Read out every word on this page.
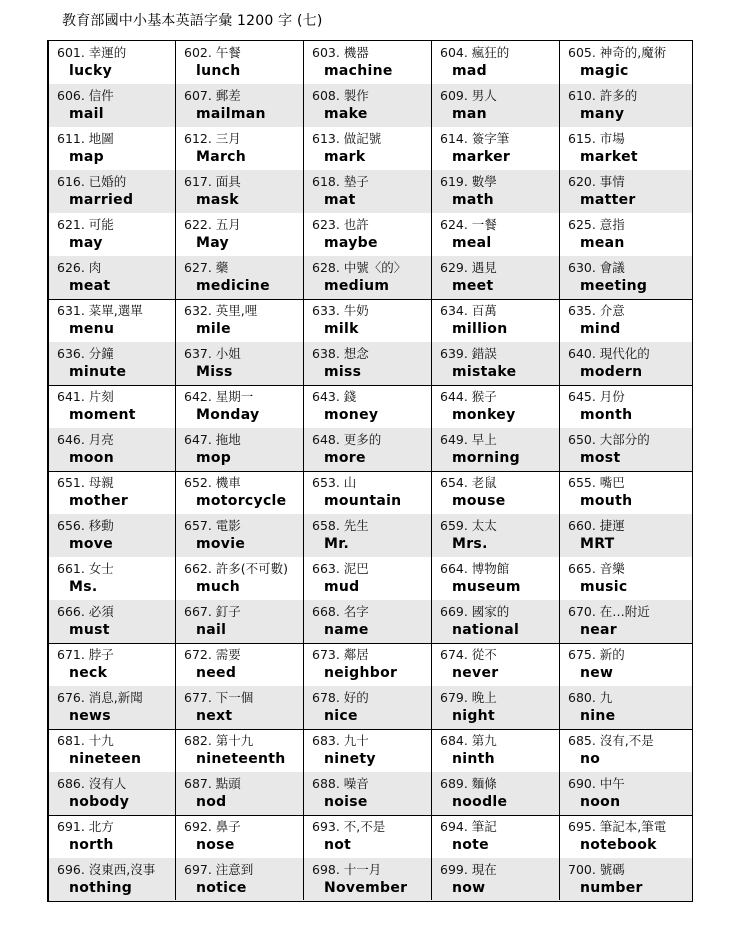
教育部國中小基本英語字彙 1200 字 (七)
601. 幸運的
lucky
602. 午餐
lunch
603. 機器
machine
604. 瘋狂的
mad
605. 神奇的,魔術
magic
606. 信件
mail
607. 郵差
mailman
608. 製作
make
609. 男人
man
610. 許多的
many
611. 地圖
map
612. 三月
March
613. 做記號
mark
614. 簽字筆
marker
615. 市場
market
616. 已婚的
married
617. 面具
mask
618. 墊子
mat
619. 數學
math
620. 事情
matter
621. 可能
may
622. 五月
May
623. 也許
maybe
624. 一餐
meal
625. 意指
mean
626. 肉
meat
627. 藥
medicine
628. 中號〈的〉
medium
629. 遇見
meet
630. 會議
meeting
631. 菜單,選單
menu
632. 英里,哩
mile
633. 牛奶
milk
634. 百萬
million
635. 介意
mind
636. 分鐘
minute
637. 小姐
Miss
638. 想念
miss
639. 錯誤
mistake
640. 現代化的
modern
641. 片刻
moment
642. 星期一
Monday
643. 錢
money
644. 猴子
monkey
645. 月份
month
646. 月亮
moon
647. 拖地
mop
648. 更多的
more
649. 早上
morning
650. 大部分的
most
651. 母親
mother
652. 機車
motorcycle
653. 山
mountain
654. 老鼠
mouse
655. 嘴巴
mouth
656. 移動
move
657. 電影
movie
658. 先生
Mr.
659. 太太
Mrs.
660. 捷運
MRT
661. 女士
Ms.
662. 許多(不可數)
much
663. 泥巴
mud
664. 博物館
museum
665. 音樂
music
666. 必須
must
667. 釘子
nail
668. 名字
name
669. 國家的
national
670. 在…附近
near
671. 脖子
neck
672. 需要
need
673. 鄰居
neighbor
674. 從不
never
675. 新的
new
676. 消息,新聞
news
677. 下一個
next
678. 好的
nice
679. 晚上
night
680. 九
nine
681. 十九
nineteen
682. 第十九
nineteenth
683. 九十
ninety
684. 第九
ninth
685. 沒有,不是
no
686. 沒有人
nobody
687. 點頭
nod
688. 噪音
noise
689. 麵條
noodle
690. 中午
noon
691. 北方
north
692. 鼻子
nose
693. 不,不是
not
694. 筆記
note
695. 筆記本,筆電
notebook
696. 沒東西,沒事
nothing
697. 注意到
notice
698. 十一月
November
699. 現在
now
700. 號碼
number
